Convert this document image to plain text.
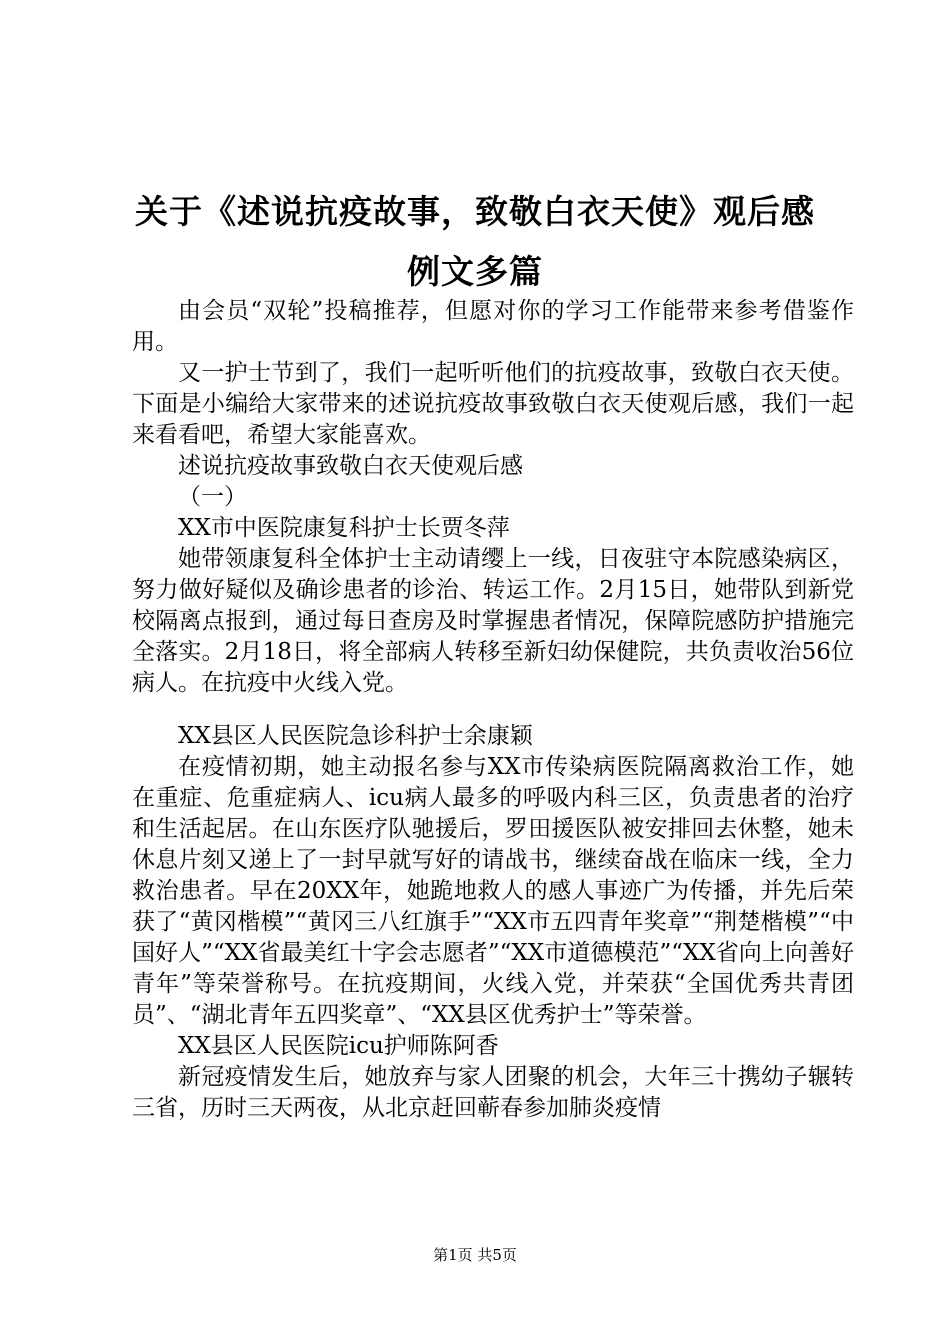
关于《述说抗疫故事，致敬白衣天使》观后感
例文多篇

由会员“双轮”投稿推荐，但愿对你的学习工作能带来参考借鉴作用。

又一护士节到了，我们一起听听他们的抗疫故事，致敬白衣天使。下面是小编给大家带来的述说抗疫故事致敬白衣天使观后感，我们一起来看看吧，希望大家能喜欢。

述说抗疫故事致敬白衣天使观后感

（一）

XX市中医院康复科护士长贾冬萍

她带领康复科全体护士主动请缨上一线，日夜驻守本院感染病区，努力做好疑似及确诊患者的诊治、转运工作。2月15日，她带队到新党校隔离点报到，通过每日查房及时掌握患者情况，保障院感防护措施完全落实。2月18日，将全部病人转移至新妇幼保健院，共负责收治56位病人。在抗疫中火线入党。

XX县区人民医院急诊科护士余康颖

在疫情初期，她主动报名参与XX市传染病医院隔离救治工作，她在重症、危重症病人、icu病人最多的呼吸内科三区，负责患者的治疗和生活起居。在山东医疗队驰援后，罗田援医队被安排回去休整，她未休息片刻又递上了一封早就写好的请战书，继续奋战在临床一线，全力救治患者。早在20XX年，她跪地救人的感人事迹广为传播，并先后荣获了“黄冈楷模”“黄冈三八红旗手”“XX市五四青年奖章”“荆楚楷模”“中国好人”“XX省最美红十字会志愿者”“XX市道德模范”“XX省向上向善好青年”等荣誉称号。在抗疫期间，火线入党，并荣获“全国优秀共青团员”、“湖北青年五四奖章”、“XX县区优秀护士”等荣誉。

XX县区人民医院icu护师陈阿香

新冠疫情发生后，她放弃与家人团聚的机会，大年三十携幼子辗转三省，历时三天两夜，从北京赶回蕲春参加肺炎疫情

第1页 共5页
